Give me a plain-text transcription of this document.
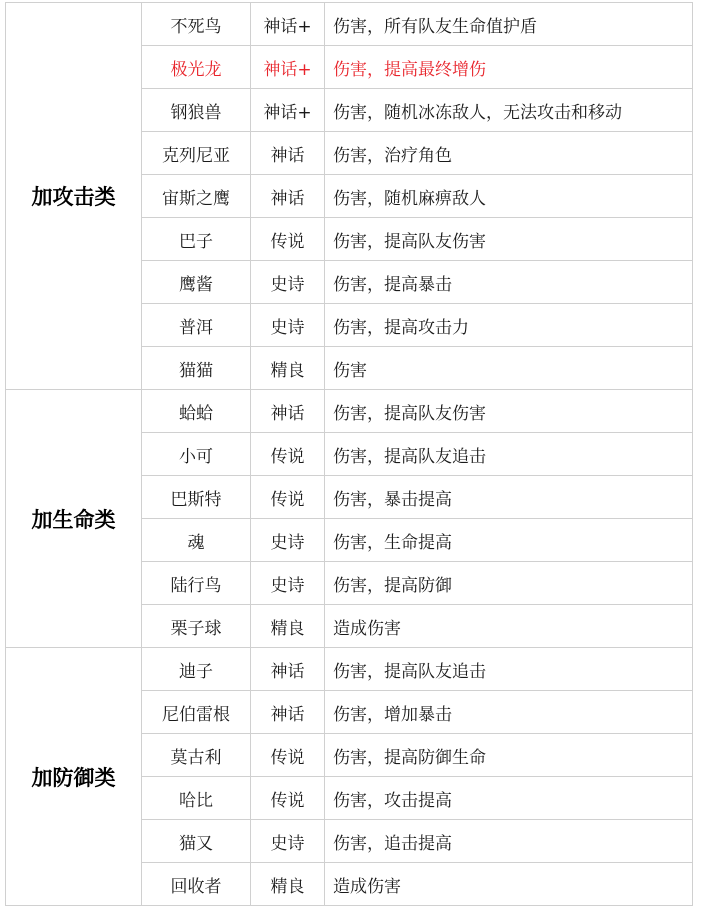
加攻击类	不死鸟	神话+	伤害，所有队友生命值护盾
	极光龙	神话+	伤害，提高最终增伤
	钢狼兽	神话+	伤害，随机冰冻敌人，无法攻击和移动
	克列尼亚	神话	伤害，治疗角色
	宙斯之鹰	神话	伤害，随机麻痹敌人
	巴子	传说	伤害，提高队友伤害
	鹰酱	史诗	伤害，提高暴击
	普洱	史诗	伤害，提高攻击力
	猫猫	精良	伤害
加生命类	蛤蛤	神话	伤害，提高队友伤害
	小可	传说	伤害，提高队友追击
	巴斯特	传说	伤害，暴击提高
	魂	史诗	伤害，生命提高
	陆行鸟	史诗	伤害，提高防御
	栗子球	精良	造成伤害
加防御类	迪子	神话	伤害，提高队友追击
	尼伯雷根	神话	伤害，增加暴击
	莫古利	传说	伤害，提高防御生命
	哈比	传说	伤害，攻击提高
	猫又	史诗	伤害，追击提高
	回收者	精良	造成伤害
